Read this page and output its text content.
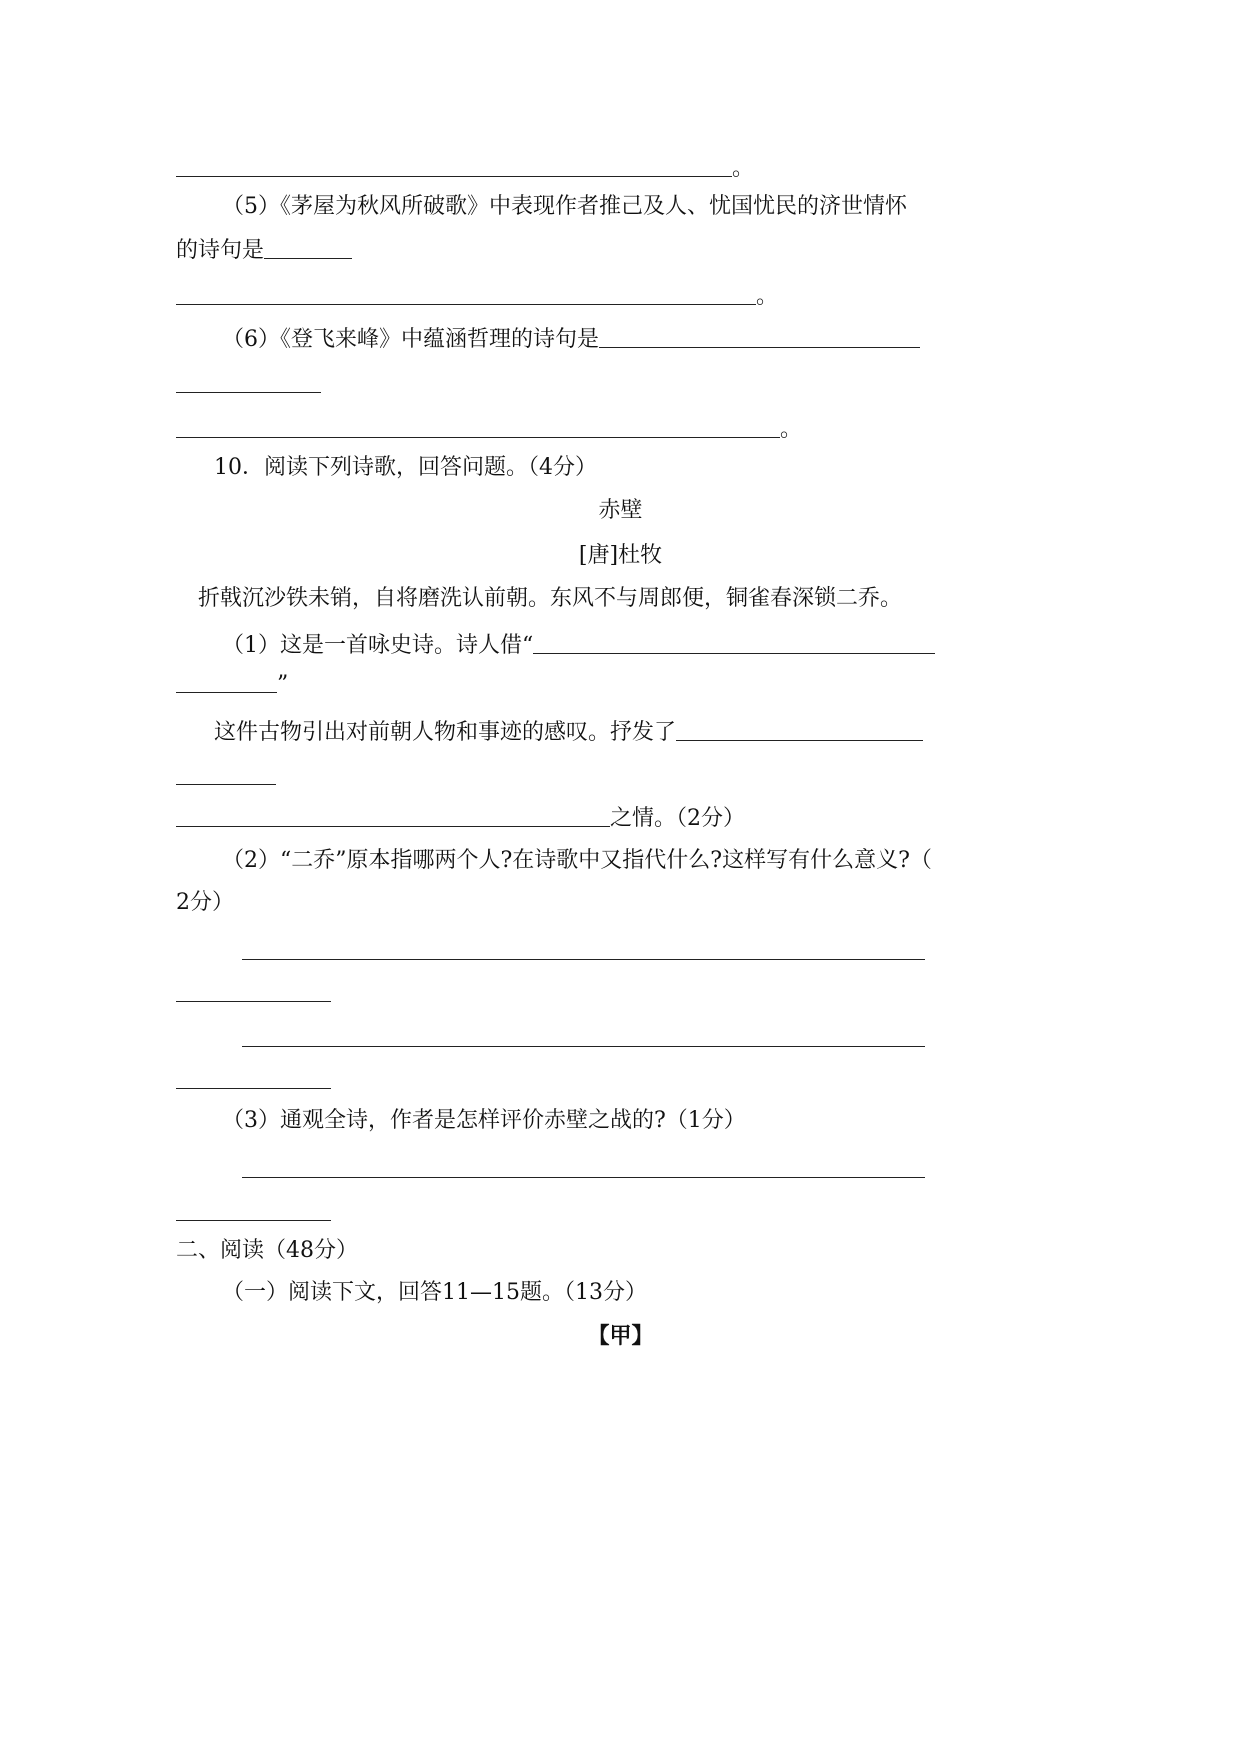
。
（5）《茅屋为秋风所破歌》中表现作者推己及人、忧国忧民的济世情怀
的诗句是
。
（6）《登飞来峰》中蕴涵哲理的诗句是
。
10．阅读下列诗歌，回答问题。（4分）
赤壁
[唐]杜牧
折戟沉沙铁未销，自将磨洗认前朝。东风不与周郎便，铜雀春深锁二乔。
（1）这是一首咏史诗。诗人借“
”
这件古物引出对前朝人物和事迹的感叹。抒发了
之情。（2分）
（2）“二乔”原本指哪两个人?在诗歌中又指代什么?这样写有什么意义?（
2分）
（3）通观全诗，作者是怎样评价赤壁之战的?（1分）
二、阅读（48分）
（一）阅读下文，回答11—15题。（13分）
【甲】
